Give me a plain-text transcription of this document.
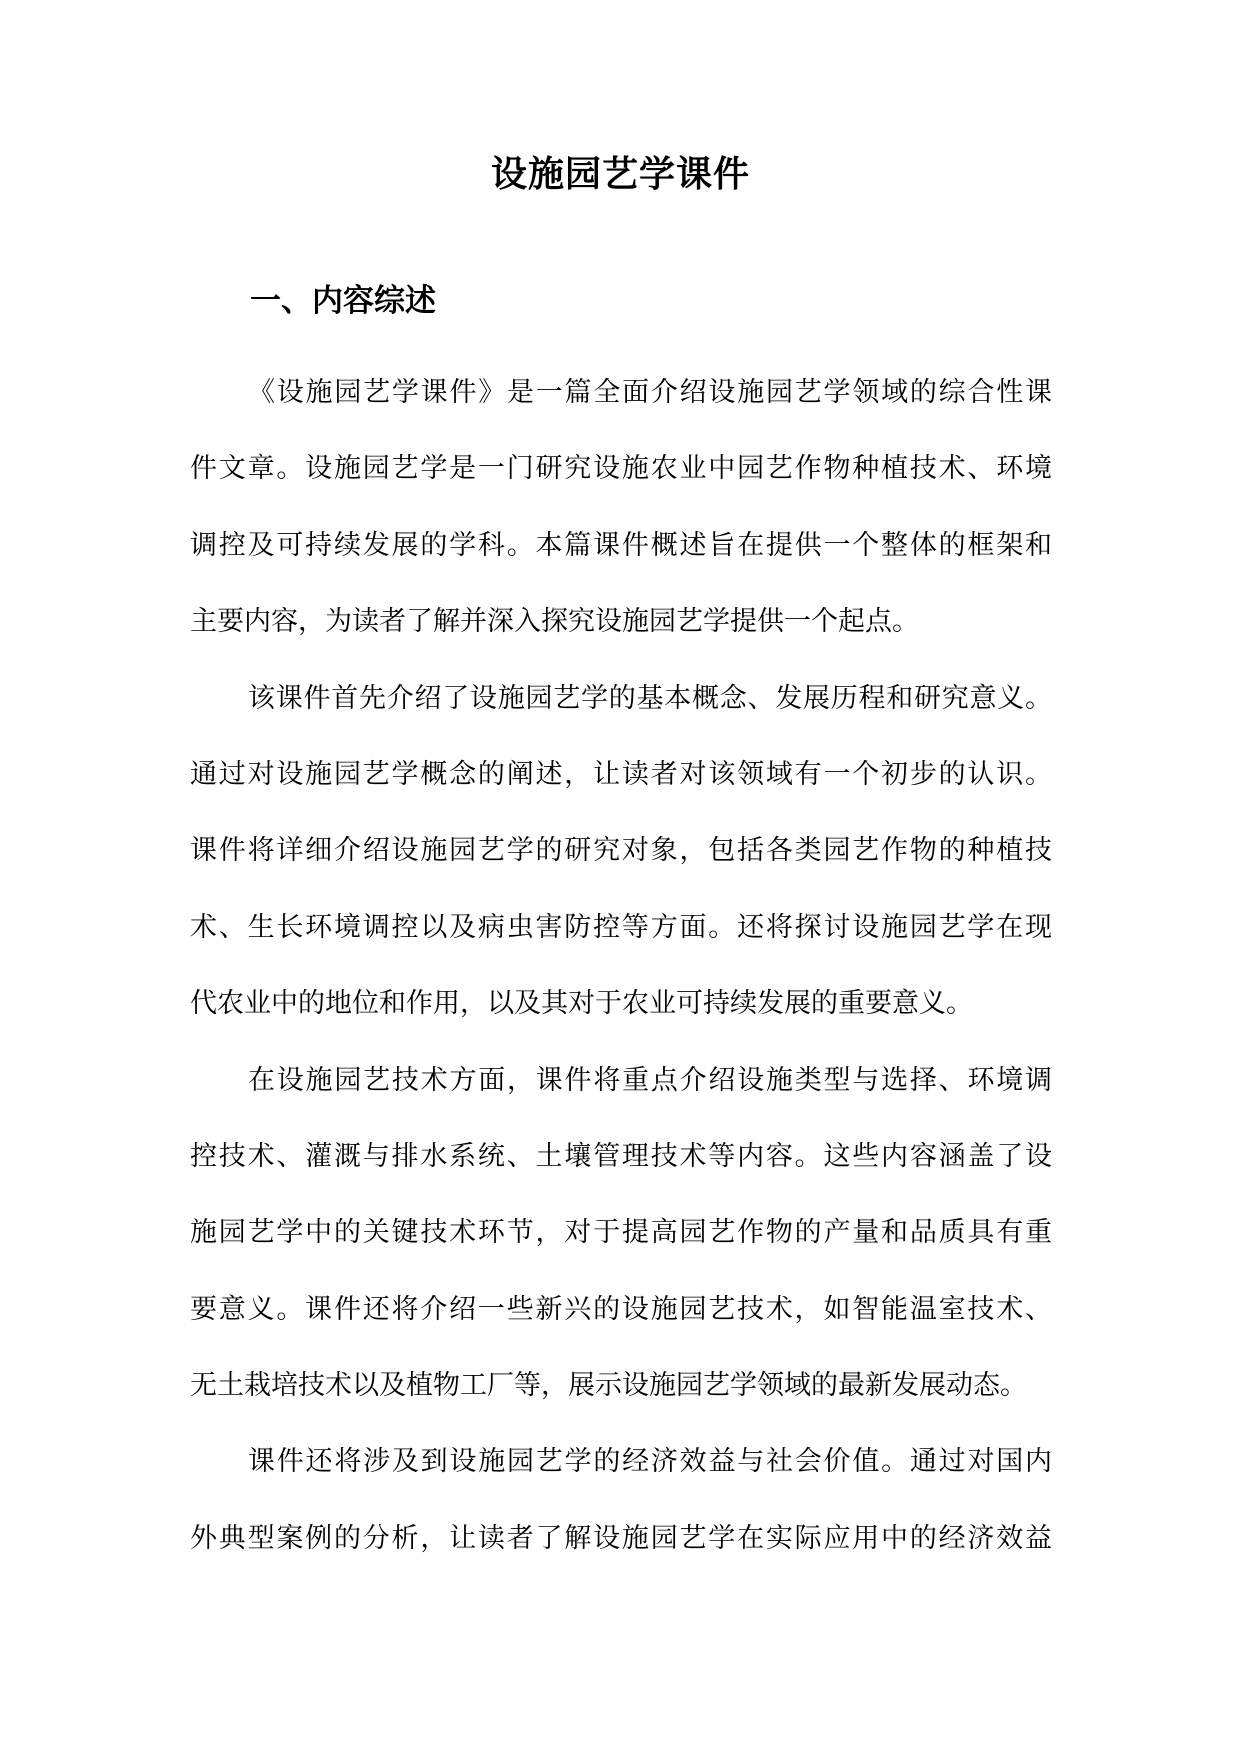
设施园艺学课件
一、内容综述

《设施园艺学课件》是一篇全面介绍设施园艺学领域的综合性课

件文章。设施园艺学是一门研究设施农业中园艺作物种植技术、环境

调控及可持续发展的学科。本篇课件概述旨在提供一个整体的框架和

主要内容，为读者了解并深入探究设施园艺学提供一个起点。

该课件首先介绍了设施园艺学的基本概念、发展历程和研究意义。

通过对设施园艺学概念的阐述，让读者对该领域有一个初步的认识。

课件将详细介绍设施园艺学的研究对象，包括各类园艺作物的种植技

术、生长环境调控以及病虫害防控等方面。还将探讨设施园艺学在现

代农业中的地位和作用，以及其对于农业可持续发展的重要意义。

在设施园艺技术方面，课件将重点介绍设施类型与选择、环境调

控技术、灌溉与排水系统、土壤管理技术等内容。这些内容涵盖了设

施园艺学中的关键技术环节，对于提高园艺作物的产量和品质具有重

要意义。课件还将介绍一些新兴的设施园艺技术，如智能温室技术、

无土栽培技术以及植物工厂等，展示设施园艺学领域的最新发展动态。

课件还将涉及到设施园艺学的经济效益与社会价值。通过对国内

外典型案例的分析，让读者了解设施园艺学在实际应用中的经济效益
